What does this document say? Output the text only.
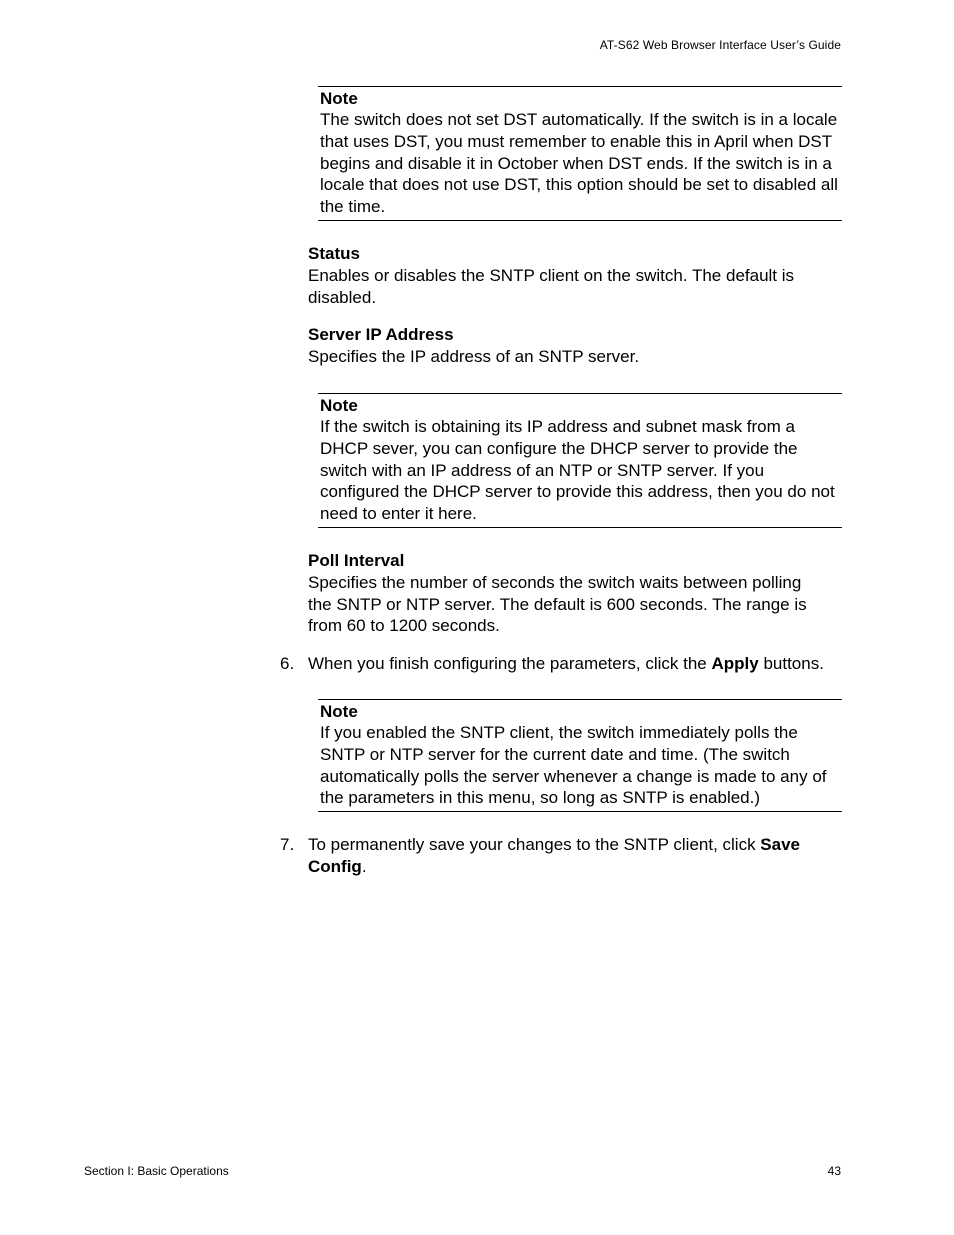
AT-S62 Web Browser Interface User’s Guide
Note
The switch does not set DST automatically. If the switch is in a locale that uses DST, you must remember to enable this in April when DST begins and disable it in October when DST ends. If the switch is in a locale that does not use DST, this option should be set to disabled all the time.
Status
Enables or disables the SNTP client on the switch. The default is disabled.
Server IP Address
Specifies the IP address of an SNTP server.
Note
If the switch is obtaining its IP address and subnet mask from a DHCP sever, you can configure the DHCP server to provide the switch with an IP address of an NTP or SNTP server. If you configured the DHCP server to provide this address, then you do not need to enter it here.
Poll Interval
Specifies the number of seconds the switch waits between polling the SNTP or NTP server. The default is 600 seconds. The range is from 60 to 1200 seconds.
6. When you finish configuring the parameters, click the Apply buttons.
Note
If you enabled the SNTP client, the switch immediately polls the SNTP or NTP server for the current date and time. (The switch automatically polls the server whenever a change is made to any of the parameters in this menu, so long as SNTP is enabled.)
7. To permanently save your changes to the SNTP client, click Save Config.
Section I: Basic Operations	43
